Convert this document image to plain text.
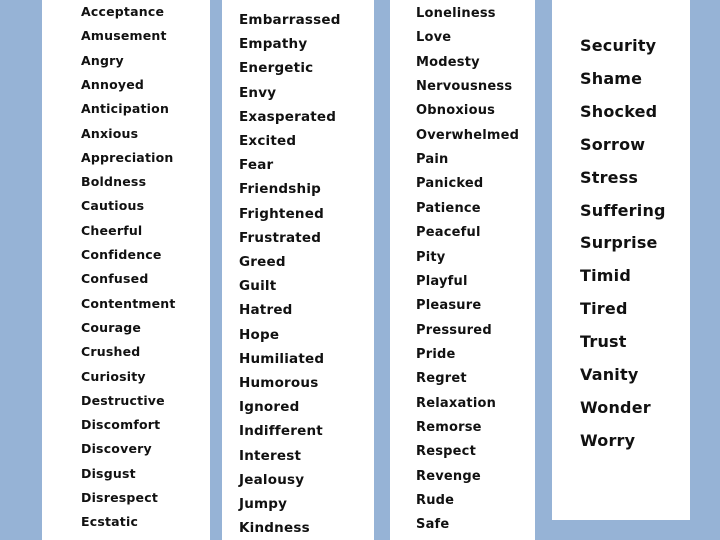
Acceptance
Amusement
Angry
Annoyed
Anticipation
Anxious
Appreciation
Boldness
Cautious
Cheerful
Confidence
Confused
Contentment
Courage
Crushed
Curiosity
Destructive
Discomfort
Discovery
Disgust
Disrespect
Ecstatic
Embarrassed
Empathy
Energetic
Envy
Exasperated
Excited
Fear
Friendship
Frightened
Frustrated
Greed
Guilt
Hatred
Hope
Humiliated
Humorous
Ignored
Indifferent
Interest
Jealousy
Jumpy
Kindness
Loneliness
Love
Modesty
Nervousness
Obnoxious
Overwhelmed
Pain
Panicked
Patience
Peaceful
Pity
Playful
Pleasure
Pressured
Pride
Regret
Relaxation
Remorse
Respect
Revenge
Rude
Safe
Security
Shame
Shocked
Sorrow
Stress
Suffering
Surprise
Timid
Tired
Trust
Vanity
Wonder
Worry
